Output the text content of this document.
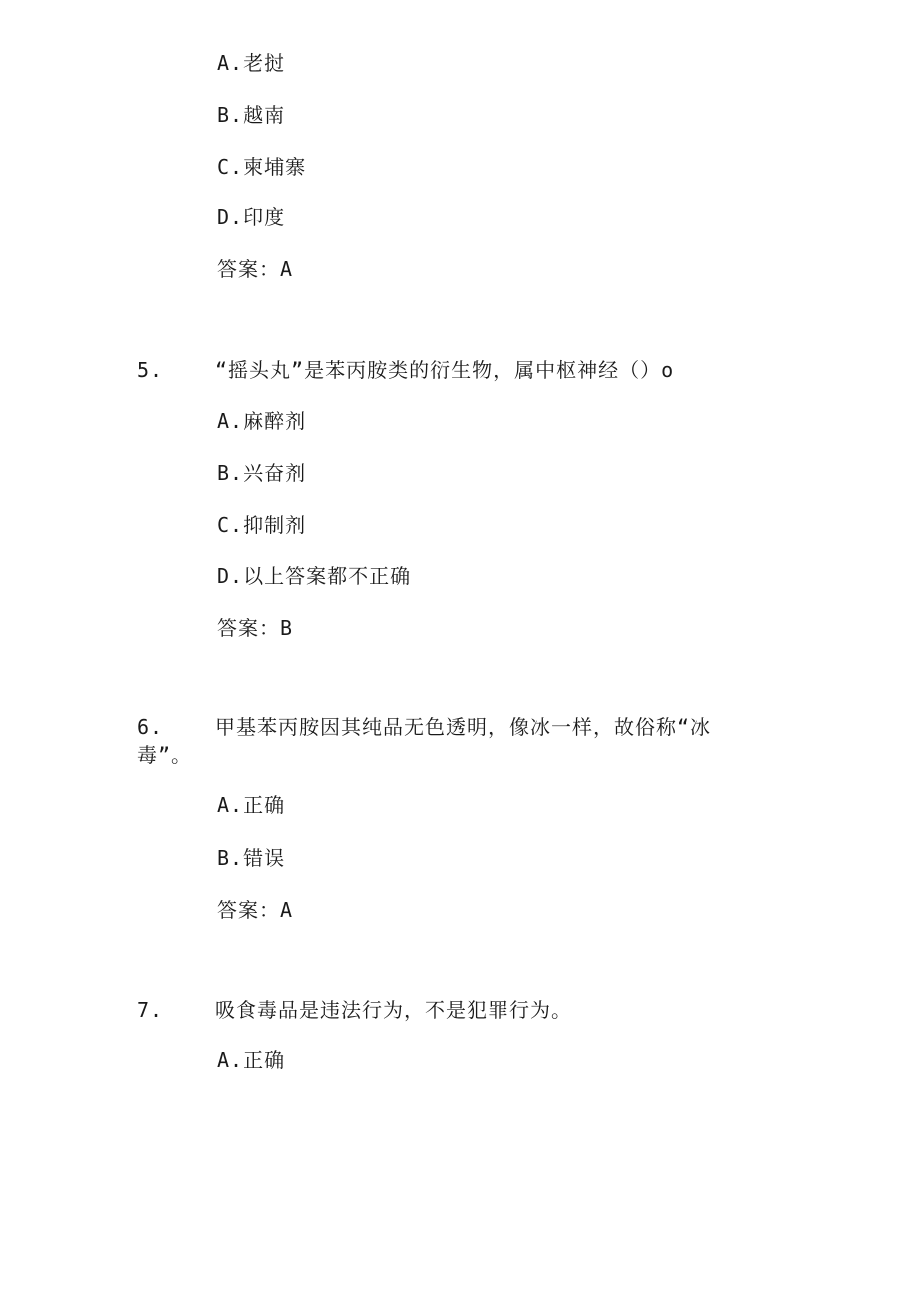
A.老挝
B.越南
C.柬埔寨
D.印度
答案：A
5.	“摇头丸”是苯丙胺类的衍生物，属中枢神经（）o
A.麻醉剂
B.兴奋剂
C.抑制剂
D.以上答案都不正确
答案：B
6.	甲基苯丙胺因其纯品无色透明，像冰一样，故俗称“冰毒”。
A.正确
B.错误
答案：A
7.	吸食毒品是违法行为，不是犯罪行为。
A.正确
